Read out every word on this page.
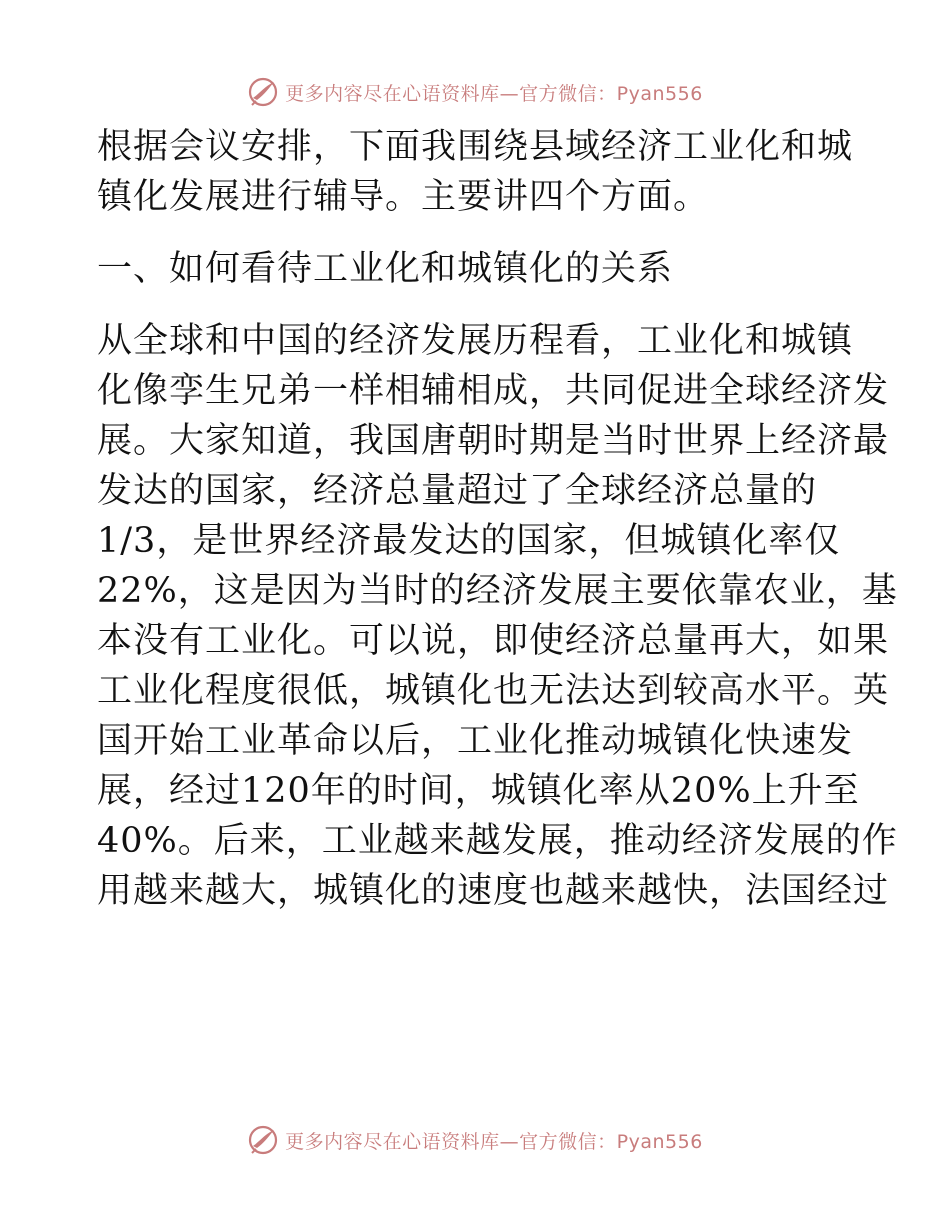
更多内容尽在心语资料库—官方微信：Pyan556

根据会议安排，下面我围绕县域经济工业化和城
镇化发展进行辅导。主要讲四个方面。

一、如何看待工业化和城镇化的关系

从全球和中国的经济发展历程看，工业化和城镇
化像孪生兄弟一样相辅相成，共同促进全球经济发
展。大家知道，我国唐朝时期是当时世界上经济最
发达的国家，经济总量超过了全球经济总量的
1/3，是世界经济最发达的国家，但城镇化率仅
22%，这是因为当时的经济发展主要依靠农业，基
本没有工业化。可以说，即使经济总量再大，如果
工业化程度很低，城镇化也无法达到较高水平。英
国开始工业革命以后，工业化推动城镇化快速发
展，经过120年的时间，城镇化率从20%上升至
40%。后来，工业越来越发展，推动经济发展的作
用越来越大，城镇化的速度也越来越快，法国经过

更多内容尽在心语资料库—官方微信：Pyan556
